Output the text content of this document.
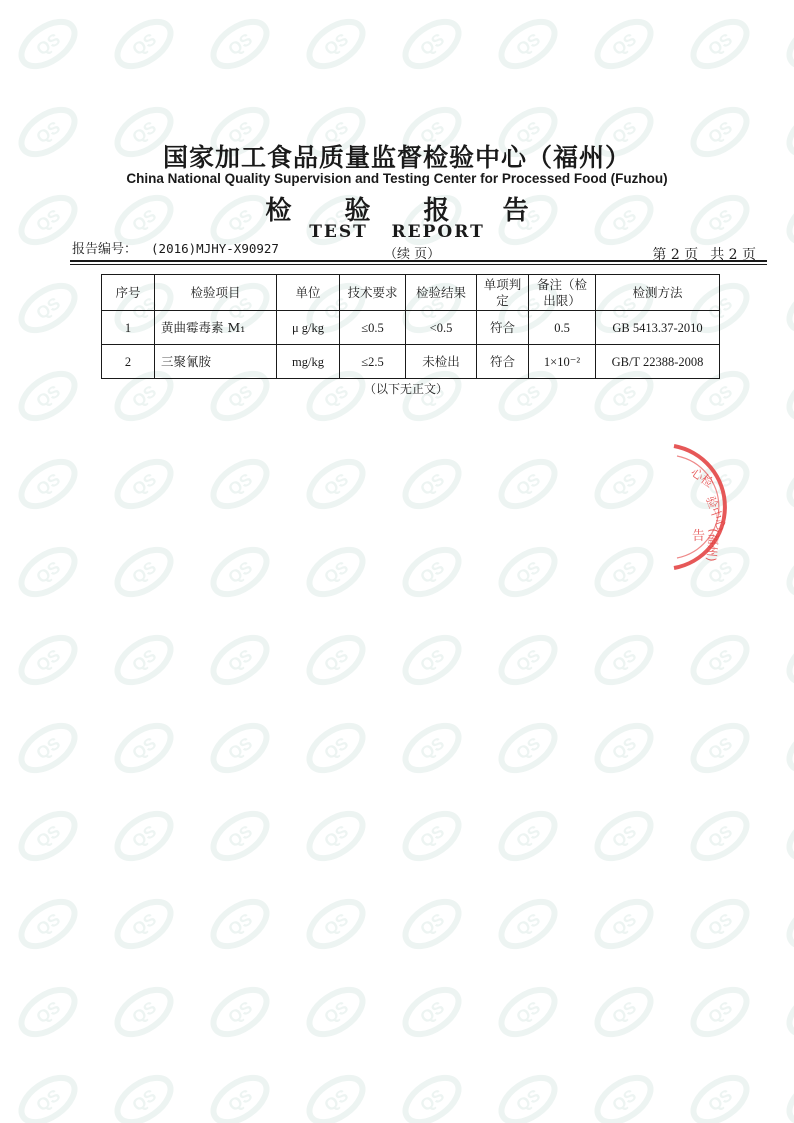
国家加工食品质量监督检验中心（福州）
China National Quality Supervision and Testing Center for Processed Food (Fuzhou)
检 验 报 告
TEST   REPORT
报告编号： (2016)MJHY-X90927	（续 页）	第 2 页 共 2 页
序号	检验项目	单位	技术要求	检验结果	单项判定	备注（检出限）	检测方法
1	黄曲霉毒素 M₁	μ g/kg	≤0.5	<0.5	符合	0.5	GB 5413.37-2010
2	三聚氰胺	mg/kg	≤2.5	未检出	符合	1×10⁻²	GB/T 22388-2008
（以下无正文）
心检
验中心
(福州)
告
